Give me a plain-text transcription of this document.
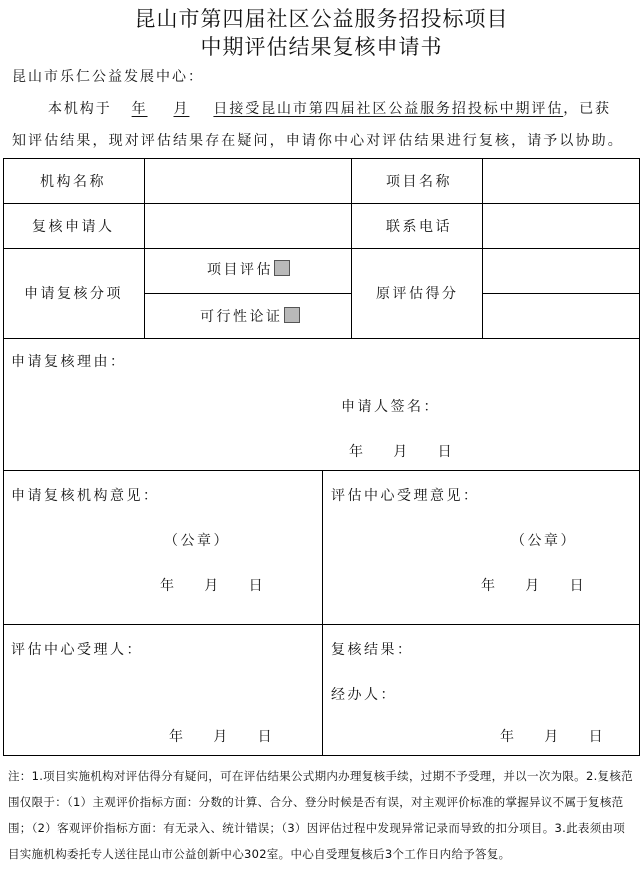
昆山市第四届社区公益服务招投标项目
中期评估结果复核申请书
昆山市乐仁公益发展中心：
本机构于 年 月 日接受昆山市第四届社区公益服务招投标中期评估，已获
知评估结果，现对评估结果存在疑问，申请你中心对评估结果进行复核，请予以协助。
机构名称	项目名称
复核申请人	联系电话
申请复核分项
项目评估
可行性论证
原评估得分
申请复核理由：
申请人签名：
年    月    日
申请复核机构意见：
（公章）
年    月    日
评估中心受理意见：
（公章）
年    月    日
评估中心受理人：
年    月    日
复核结果：
经办人：
年    月    日
注：1.项目实施机构对评估得分有疑问，可在评估结果公式期内办理复核手续，过期不予受理，并以一次为限。2.复核范围仅限于：（1）主观评价指标方面：分数的计算、合分、登分时候是否有误，对主观评价标准的掌握异议不属于复核范围；（2）客观评价指标方面：有无录入、统计错误；（3）因评估过程中发现异常记录而导致的扣分项目。3.此表须由项目实施机构委托专人送往昆山市公益创新中心302室。中心自受理复核后3个工作日内给予答复。
